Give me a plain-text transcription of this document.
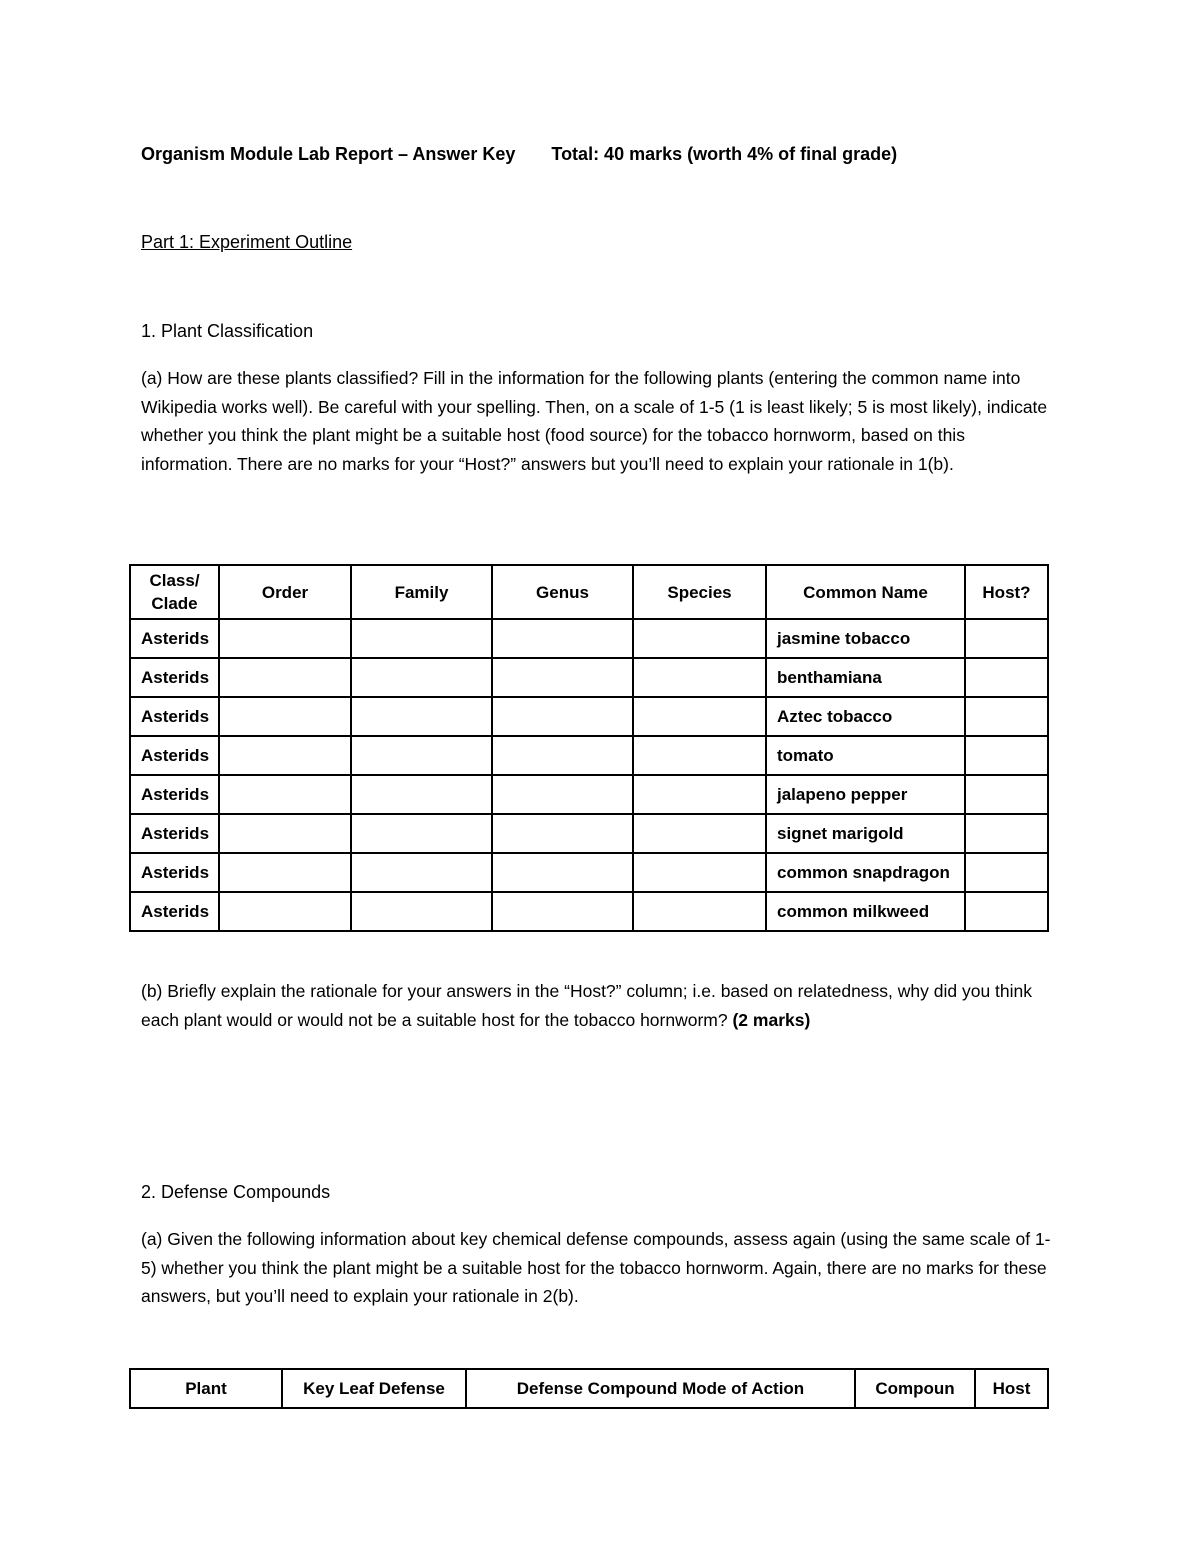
Organism Module Lab Report – Answer Key Total: 40 marks (worth 4% of final grade)
Part 1: Experiment Outline
1. Plant Classification
(a) How are these plants classified? Fill in the information for the following plants (entering the common name into Wikipedia works well). Be careful with your spelling. Then, on a scale of 1-5 (1 is least likely; 5 is most likely), indicate whether you think the plant might be a suitable host (food source) for the tobacco hornworm, based on this information. There are no marks for your “Host?” answers but you’ll need to explain your rationale in 1(b).
Class/ Clade	Order	Family	Genus	Species	Common Name	Host?
Asterids					jasmine tobacco	
Asterids					benthamiana	
Asterids					Aztec tobacco	
Asterids					tomato	
Asterids					jalapeno pepper	
Asterids					signet marigold	
Asterids					common snapdragon	
Asterids					common milkweed	
(b) Briefly explain the rationale for your answers in the “Host?” column; i.e. based on relatedness, why did you think each plant would or would not be a suitable host for the tobacco hornworm? (2 marks)
2. Defense Compounds
(a) Given the following information about key chemical defense compounds, assess again (using the same scale of 1-5) whether you think the plant might be a suitable host for the tobacco hornworm. Again, there are no marks for these answers, but you’ll need to explain your rationale in 2(b).
Plant	Key Leaf Defense	Defense Compound Mode of Action	Compoun	Host
